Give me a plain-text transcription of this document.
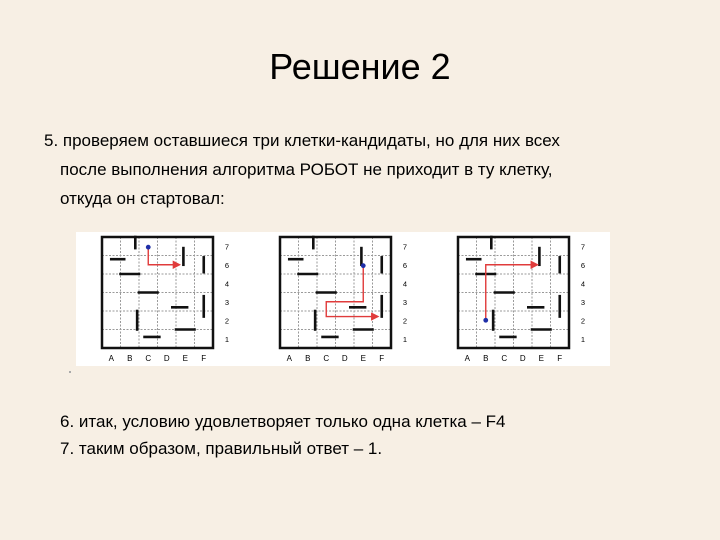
Решение 2

5. проверяем оставшиеся три клетки-кандидаты, но для них всех

после выполнения алгоритма РОБОТ не приходит в ту клетку,

откуда он стартовал:

A B C D E F
7
6
4
3
2
1
A B C D E F
7
6
4
3
2
1
A B C D E F
7
6
4
3
2
1

6. итак, условию удовлетворяет только одна клетка – F4

7. таким образом, правильный ответ – 1.
